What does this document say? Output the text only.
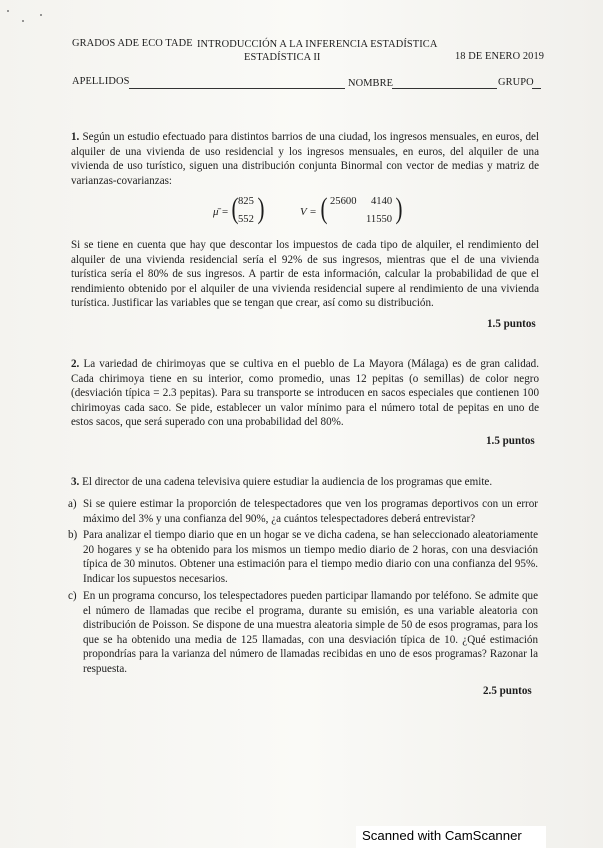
GRADOS ADE ECO TADE INTRODUCCIÓN A LA INFERENCIA ESTADÍSTICA
ESTADÍSTICA II	18 DE ENERO 2019
APELLIDOS	NOMBRE	GRUPO
1. Según un estudio efectuado para distintos barrios de una ciudad, los ingresos mensuales, en euros, del alquiler de una vivienda de uso residencial y los ingresos mensuales, en euros, del alquiler de una vivienda de uso turístico, siguen una distribución conjunta Binormal con vector de medias y matriz de varianzas-covarianzas:
μ̄ = ( 825
552 )	V = ( 25600 4140
11550 )
Si se tiene en cuenta que hay que descontar los impuestos de cada tipo de alquiler, el rendimiento del alquiler de una vivienda residencial sería el 92% de sus ingresos, mientras que el de una vivienda turística sería el 80% de sus ingresos. A partir de esta información, calcular la probabilidad de que el rendimiento obtenido por el alquiler de una vivienda residencial supere al rendimiento de una vivienda turística. Justificar las variables que se tengan que crear, así como su distribución.
1.5 puntos
2. La variedad de chirimoyas que se cultiva en el pueblo de La Mayora (Málaga) es de gran calidad. Cada chirimoya tiene en su interior, como promedio, unas 12 pepitas (o semillas) de color negro (desviación típica = 2.3 pepitas). Para su transporte se introducen en sacos especiales que contienen 100 chirimoyas cada saco. Se pide, establecer un valor mínimo para el número total de pepitas en uno de estos sacos, que será superado con una probabilidad del 80%.
1.5 puntos
3. El director de una cadena televisiva quiere estudiar la audiencia de los programas que emite.
a) Si se quiere estimar la proporción de telespectadores que ven los programas deportivos con un error máximo del 3% y una confianza del 90%, ¿a cuántos telespectadores deberá entrevistar?
b) Para analizar el tiempo diario que en un hogar se ve dicha cadena, se han seleccionado aleatoriamente 20 hogares y se ha obtenido para los mismos un tiempo medio diario de 2 horas, con una desviación típica de 30 minutos. Obtener una estimación para el tiempo medio diario con una confianza del 95%. Indicar los supuestos necesarios.
c) En un programa concurso, los telespectadores pueden participar llamando por teléfono. Se admite que el número de llamadas que recibe el programa, durante su emisión, es una variable aleatoria con distribución de Poisson. Se dispone de una muestra aleatoria simple de 50 de esos programas, para los que se ha obtenido una media de 125 llamadas, con una desviación típica de 10. ¿Qué estimación propondrías para la varianza del número de llamadas recibidas en uno de esos programas? Razonar la respuesta.
2.5 puntos
Scanned with CamScanner
